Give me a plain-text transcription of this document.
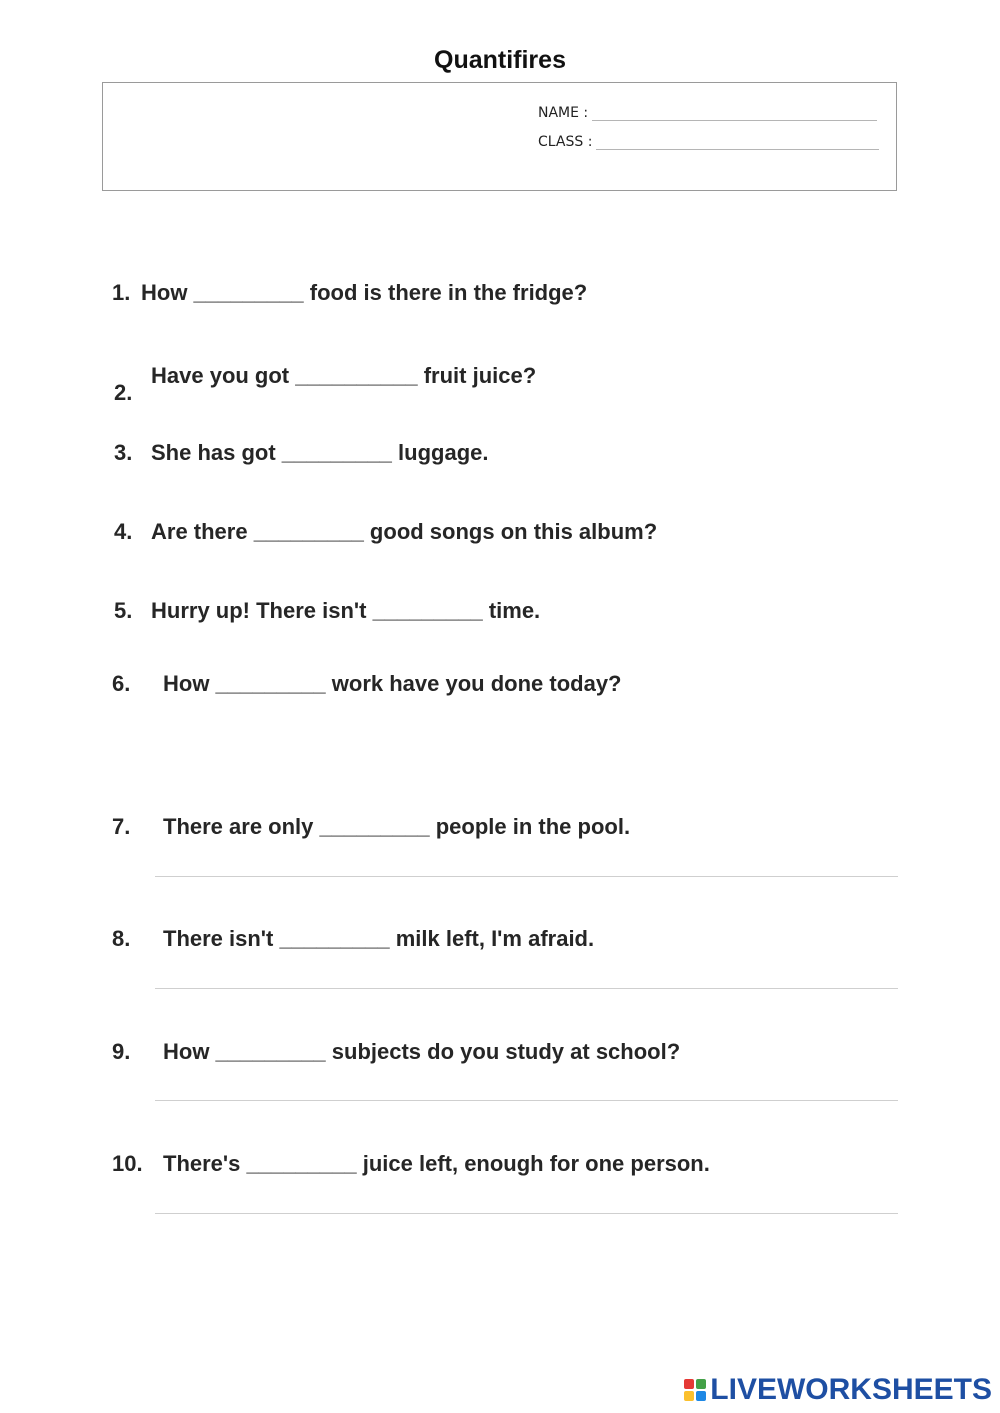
Quantifires
NAME :
CLASS :
1. How _________ food is there in the fridge?
2.
Have you got __________ fruit juice?
3. She has got _________ luggage.
4. Are there _________ good songs on this album?
5. Hurry up! There isn't _________ time.
6. How _________ work have you done today?
7. There are only _________ people in the pool.
8. There isn't _________ milk left, I'm afraid.
9. How _________ subjects do you study at school?
10. There's _________ juice left, enough for one person.
LIVEWORKSHEETS
